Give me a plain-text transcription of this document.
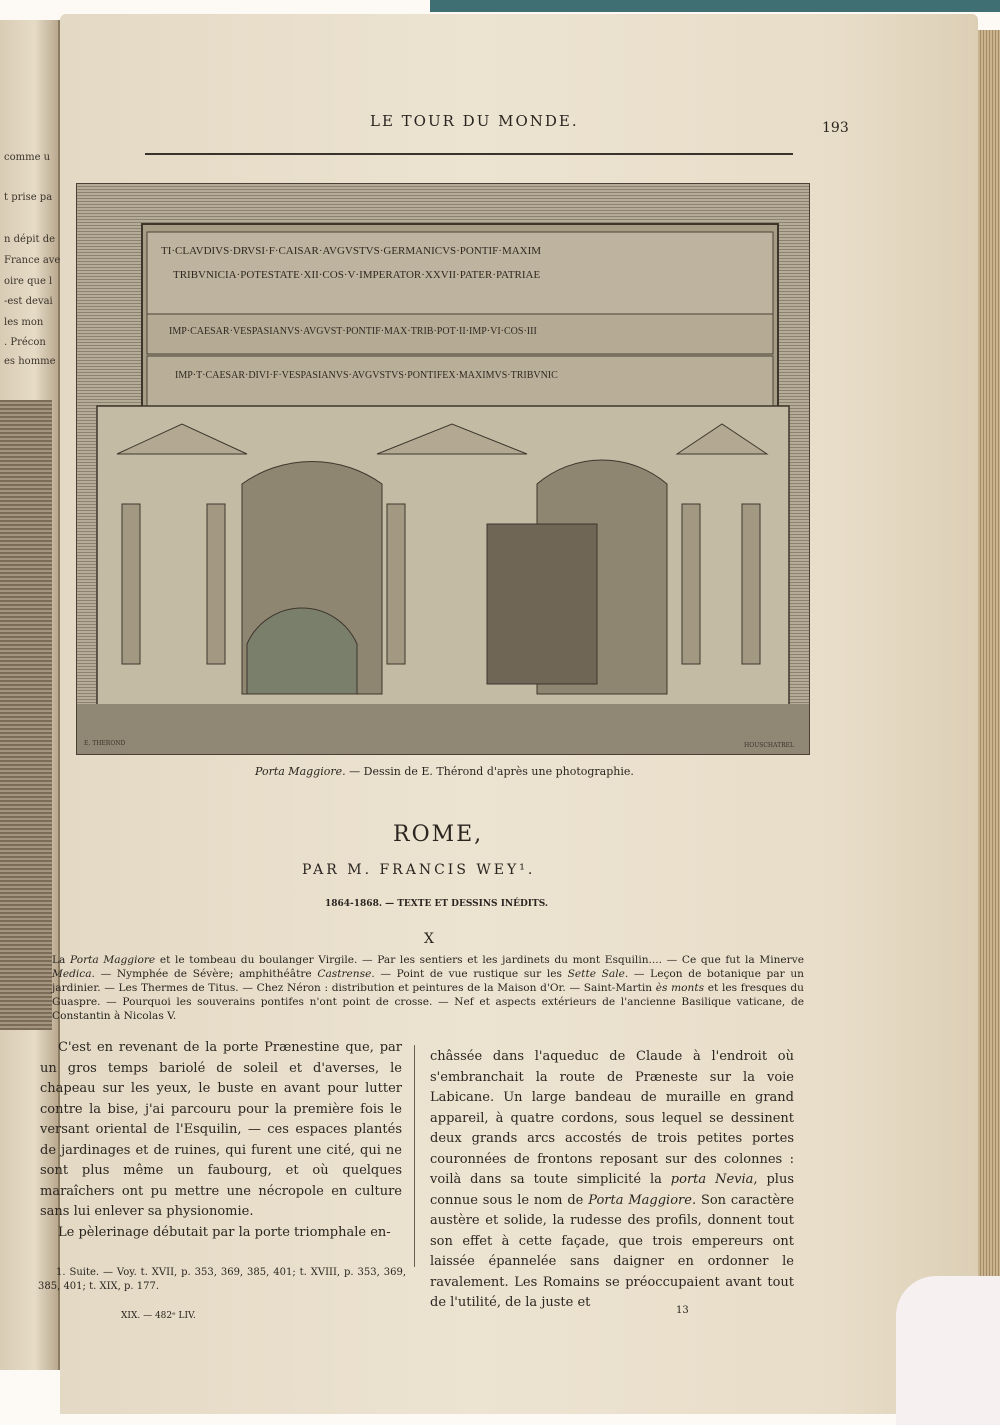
comme u
t prise pa
n dépit de
France ave
oire que l
-est devai
les mon
. Précon
es homme
LE TOUR DU MONDE.	193
TI·CLAVDIVS·DRVSI·F·CAISAR·AVGVSTVS·GERMANICVS·PONTIF·MAXIM
TRIBVNICIA·POTESTATE·XII·COS·V·IMPERATOR·XXVII·PATER·PATRIAE
IMP·CAESAR·VESPASIANVS·AVGVST·PONTIF·MAX·TRIB·POT·II·IMP·VI·COS·III
IMP·T·CAESAR·DIVI·F·VESPASIANVS·AVGVSTVS·PONTIFEX·MAXIMVS·TRIBVNIC
E. THEROND	HOUSCHATREL
Porta Maggiore. — Dessin de E. Thérond d'après une photographie.
ROME,
PAR M. FRANCIS WEY¹.
1864-1868. — TEXTE ET DESSINS INÉDITS.
X

La Porta Maggiore et le tombeau du boulanger Virgile. — Par les sentiers et les jardinets du mont Esquilin.... — Ce que fut la Minerve Medica. — Nymphée de Sévère; amphithéâtre Castrense. — Point de vue rustique sur les Sette Sale. — Leçon de botanique par un jardinier. — Les Thermes de Titus. — Chez Néron : distribution et peintures de la Maison d'Or. — Saint-Martin ès monts et les fresques du Guaspre. — Pourquoi les souverains pontifes n'ont point de crosse. — Nef et aspects extérieurs de l'ancienne Basilique vaticane, de Constantin à Nicolas V.

C'est en revenant de la porte Prænestine que, par un gros temps bariolé de soleil et d'averses, le chapeau sur les yeux, le buste en avant pour lutter contre la bise, j'ai parcouru pour la première fois le versant oriental de l'Esquilin, — ces espaces plantés de jardinages et de ruines, qui furent une cité, qui ne sont plus même un faubourg, et où quelques maraîchers ont pu mettre une nécropole en culture sans lui enlever sa physionomie.

Le pèlerinage débutait par la porte triomphale en-

châssée dans l'aqueduc de Claude à l'endroit où s'embranchait la route de Præneste sur la voie Labicane. Un large bandeau de muraille en grand appareil, à quatre cordons, sous lequel se dessinent deux grands arcs accostés de trois petites portes couronnées de frontons reposant sur des colonnes : voilà dans sa toute simplicité la porta Nevia, plus connue sous le nom de Porta Maggiore. Son caractère austère et solide, la rudesse des profils, donnent tout son effet à cette façade, que trois empereurs ont laissée épannelée sans daigner en ordonner le ravalement. Les Romains se préoccupaient avant tout de l'utilité, de la juste et

1. Suite. — Voy. t. XVII, p. 353, 369, 385, 401; t. XVIII, p. 353, 369, 385, 401; t. XIX, p. 177.

XIX. — 482ᵉ LIV.	13
